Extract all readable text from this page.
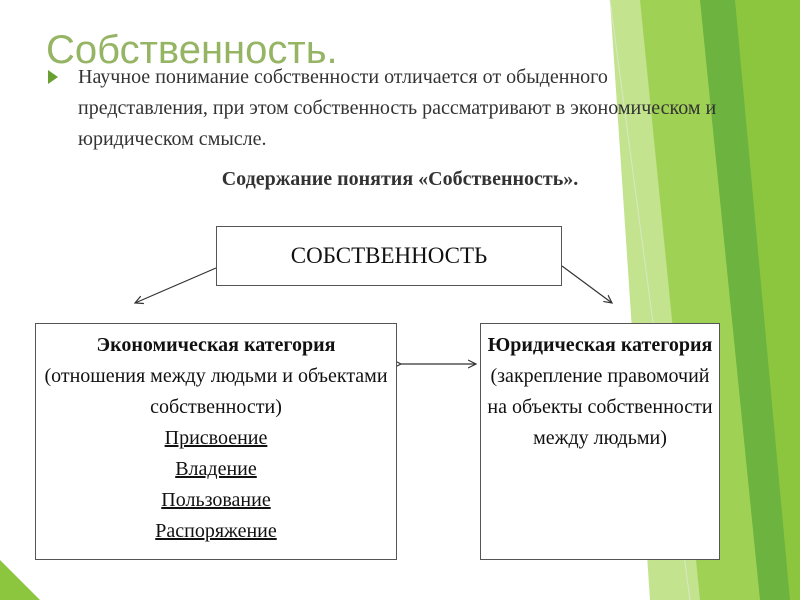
Собственность.
Научное понимание собственности отличается от обыденного представления, при этом собственность рассматривают в экономическом и юридическом смысле.
Содержание понятия «Собственность».
СОБСТВЕННОСТЬ
Экономическая категория
(отношения между людьми и объектами собственности)
Присвоение
Владение
Пользование
Распоряжение
Юридическая категория
(закрепление правомочий на объекты собственности между людьми)
